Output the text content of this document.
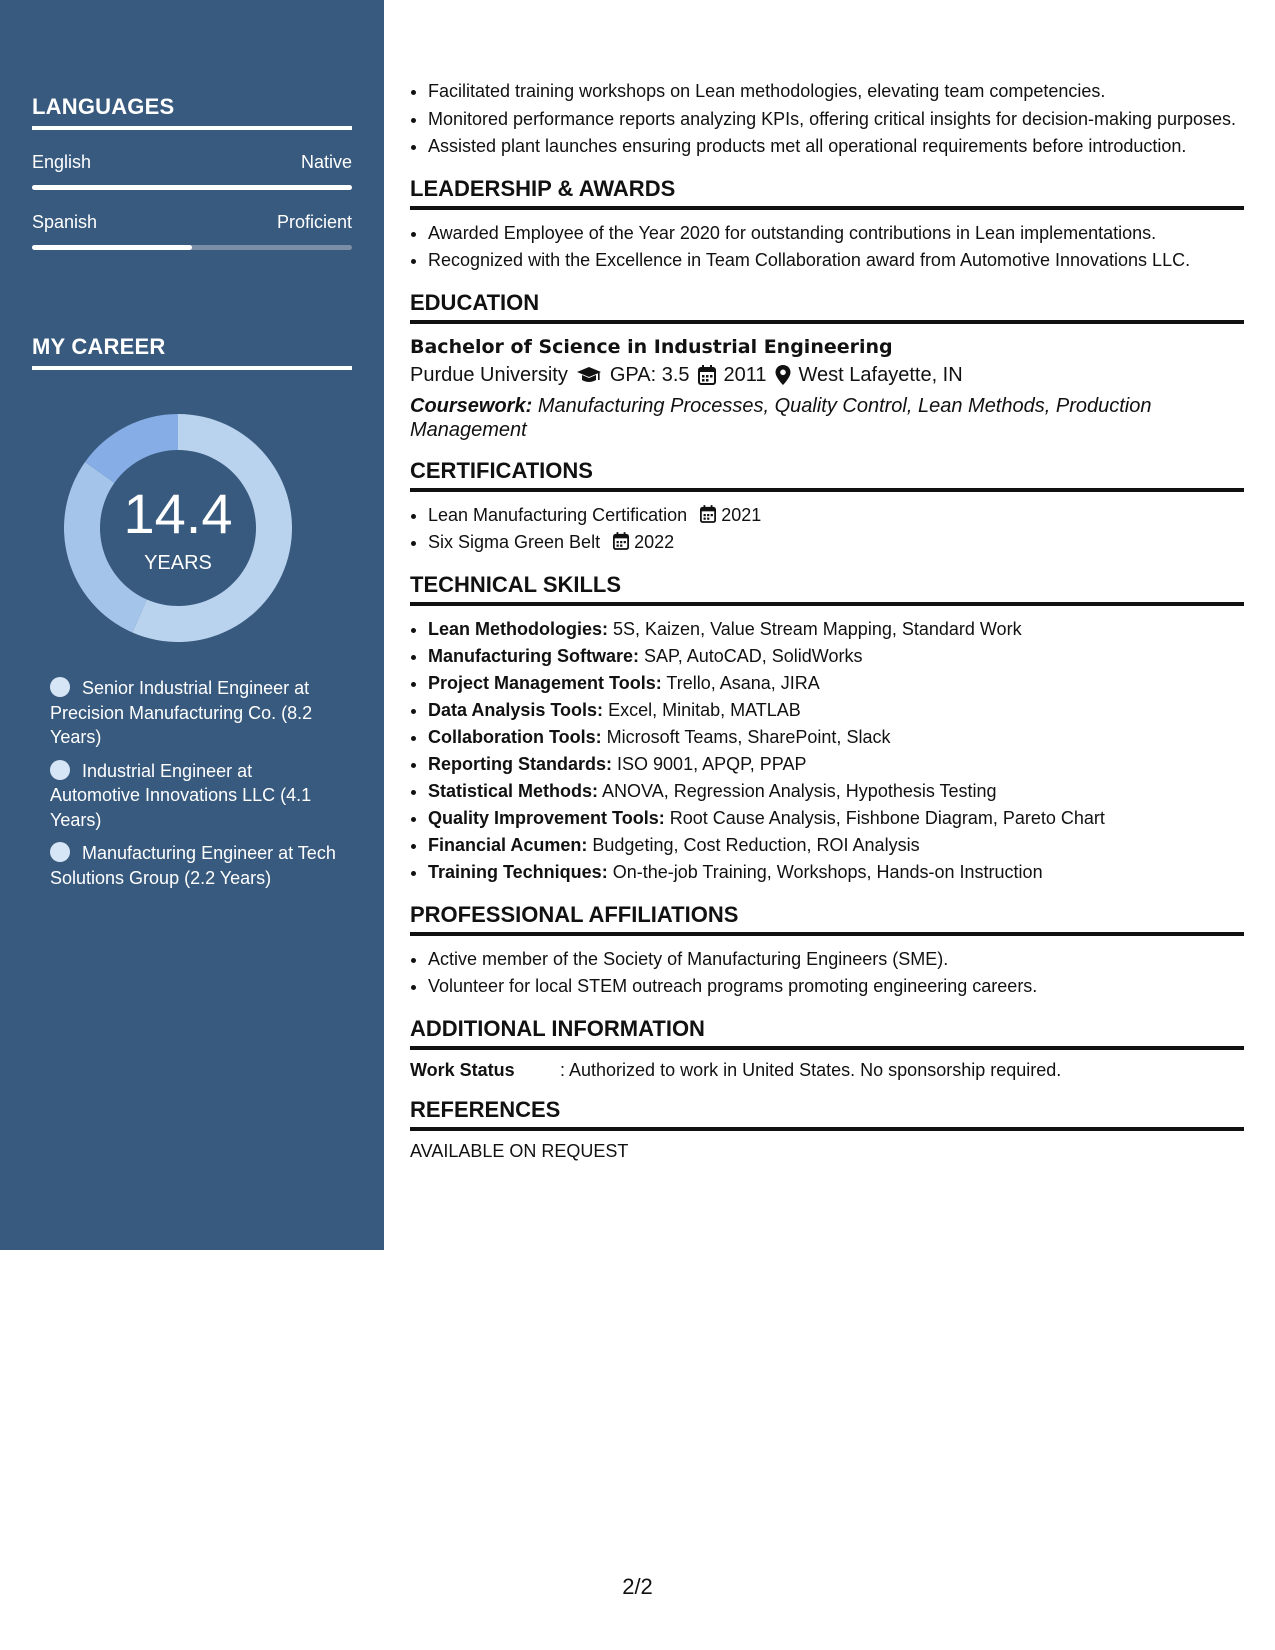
LANGUAGES
English	Native
Spanish	Proficient
MY CAREER
14.4
YEARS
Senior Industrial Engineer at Precision Manufacturing Co. (8.2 Years)
Industrial Engineer at Automotive Innovations LLC (4.1 Years)
Manufacturing Engineer at Tech Solutions Group (2.2 Years)
• Facilitated training workshops on Lean methodologies, elevating team competencies.
• Monitored performance reports analyzing KPIs, offering critical insights for decision-making purposes.
• Assisted plant launches ensuring products met all operational requirements before introduction.
LEADERSHIP & AWARDS
• Awarded Employee of the Year 2020 for outstanding contributions in Lean implementations.
• Recognized with the Excellence in Team Collaboration award from Automotive Innovations LLC.
EDUCATION
Bachelor of Science in Industrial Engineering
Purdue University GPA: 3.5 2011 West Lafayette, IN
Coursework: Manufacturing Processes, Quality Control, Lean Methods, Production Management
CERTIFICATIONS
• Lean Manufacturing Certification 2021
• Six Sigma Green Belt 2022
TECHNICAL SKILLS
• Lean Methodologies: 5S, Kaizen, Value Stream Mapping, Standard Work
• Manufacturing Software: SAP, AutoCAD, SolidWorks
• Project Management Tools: Trello, Asana, JIRA
• Data Analysis Tools: Excel, Minitab, MATLAB
• Collaboration Tools: Microsoft Teams, SharePoint, Slack
• Reporting Standards: ISO 9001, APQP, PPAP
• Statistical Methods: ANOVA, Regression Analysis, Hypothesis Testing
• Quality Improvement Tools: Root Cause Analysis, Fishbone Diagram, Pareto Chart
• Financial Acumen: Budgeting, Cost Reduction, ROI Analysis
• Training Techniques: On-the-job Training, Workshops, Hands-on Instruction
PROFESSIONAL AFFILIATIONS
• Active member of the Society of Manufacturing Engineers (SME).
• Volunteer for local STEM outreach programs promoting engineering careers.
ADDITIONAL INFORMATION
Work Status	: Authorized to work in United States. No sponsorship required.
REFERENCES
AVAILABLE ON REQUEST
2/2
